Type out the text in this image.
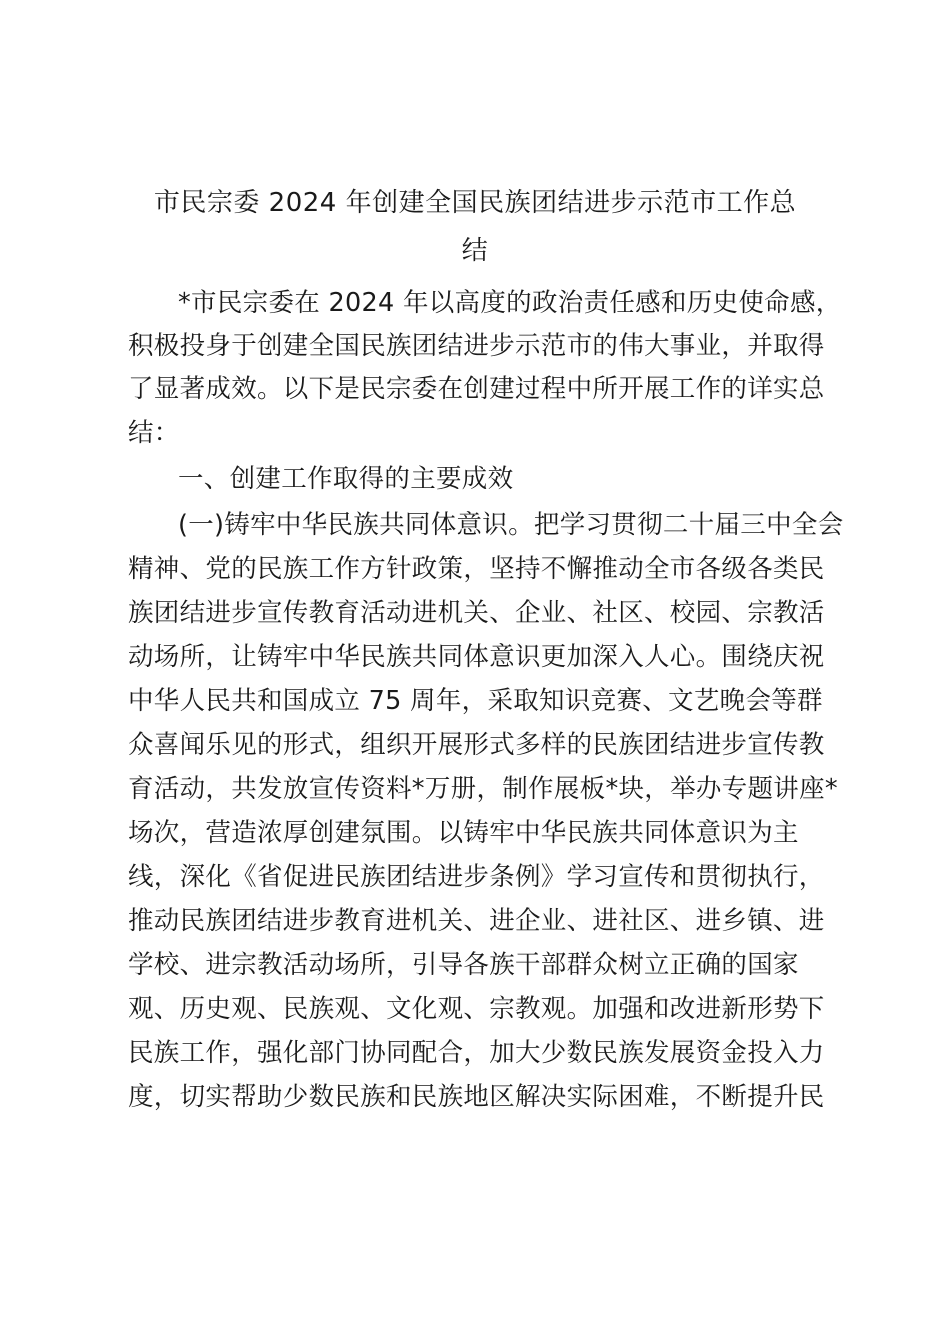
市民宗委 2024 年创建全国民族团结进步示范市工作总
结
*市民宗委在 2024 年以高度的政治责任感和历史使命感，
积极投身于创建全国民族团结进步示范市的伟大事业，并取得
了显著成效。以下是民宗委在创建过程中所开展工作的详实总
结：
一、创建工作取得的主要成效
(一)铸牢中华民族共同体意识。把学习贯彻二十届三中全会
精神、党的民族工作方针政策，坚持不懈推动全市各级各类民
族团结进步宣传教育活动进机关、企业、社区、校园、宗教活
动场所，让铸牢中华民族共同体意识更加深入人心。围绕庆祝
中华人民共和国成立 75 周年，采取知识竞赛、文艺晚会等群
众喜闻乐见的形式，组织开展形式多样的民族团结进步宣传教
育活动，共发放宣传资料*万册，制作展板*块，举办专题讲座*
场次，营造浓厚创建氛围。以铸牢中华民族共同体意识为主
线，深化《省促进民族团结进步条例》学习宣传和贯彻执行，
推动民族团结进步教育进机关、进企业、进社区、进乡镇、进
学校、进宗教活动场所，引导各族干部群众树立正确的国家
观、历史观、民族观、文化观、宗教观。加强和改进新形势下
民族工作，强化部门协同配合，加大少数民族发展资金投入力
度，切实帮助少数民族和民族地区解决实际困难，不断提升民
